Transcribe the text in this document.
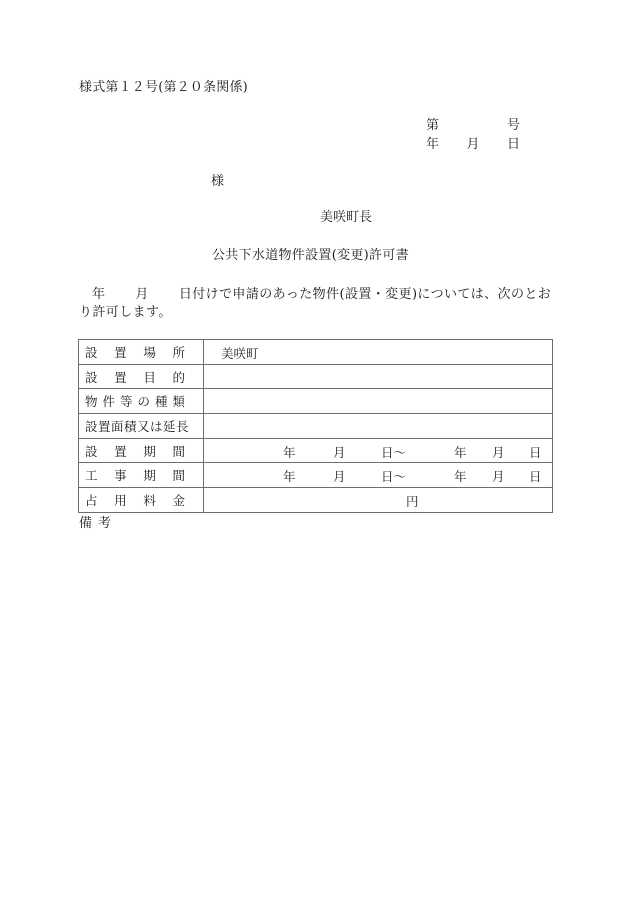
様式第１２号(第２０条関係)
第	号
年 月 日
様
美咲町長
公共下水道物件設置(変更)許可書
年 月 日付けで申請のあった物件(設置・変更)については、次のとおり許可します。
設 置 場 所	美咲町

設 置 目 的	

物 件 等 の 種 類

設置面積又は延長	

設 置 期 間	年	月	日～	年 月 日

工 事 期 間	年	月	日～	年 月 日

占 用 料 金	円
備考
